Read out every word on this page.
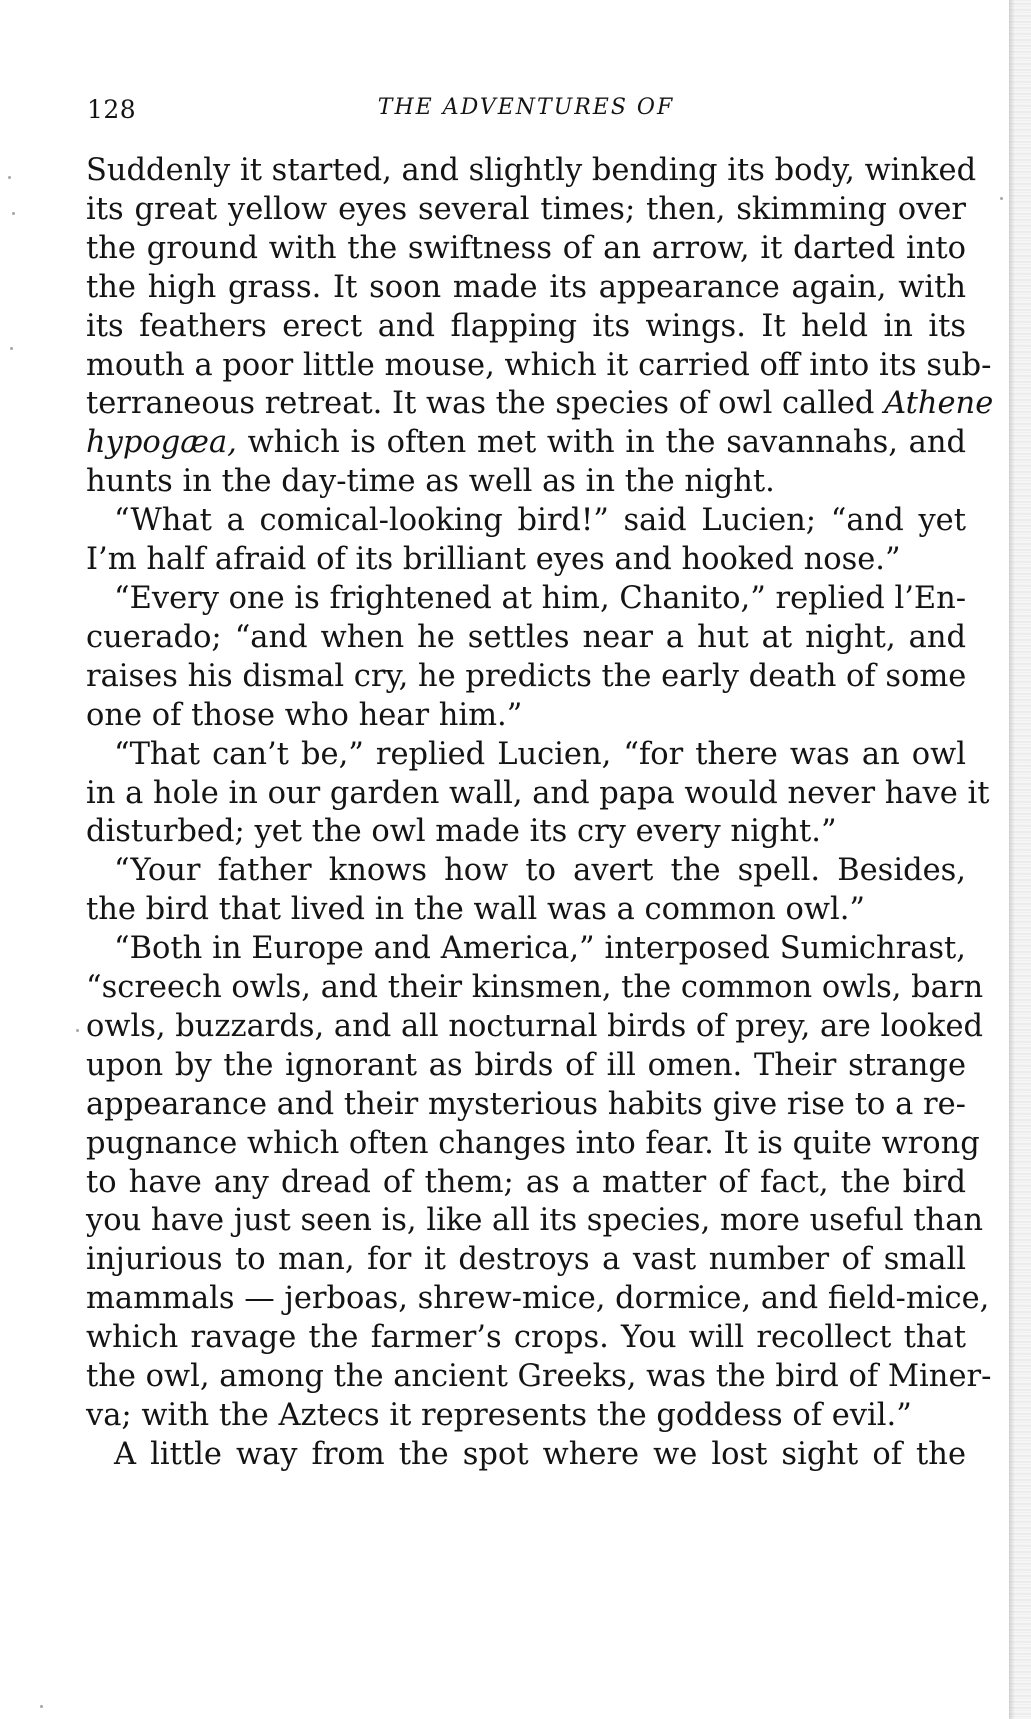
128	THE ADVENTURES OF
Suddenly it started, and slightly bending its body, winked
its great yellow eyes several times; then, skimming over
the ground with the swiftness of an arrow, it darted into
the high grass. It soon made its appearance again, with
its feathers erect and flapping its wings. It held in its
mouth a poor little mouse, which it carried off into its sub-
terraneous retreat. It was the species of owl called Athene
hypogæa, which is often met with in the savannahs, and
hunts in the day-time as well as in the night.
“What a comical-looking bird!” said Lucien; “and yet
I’m half afraid of its brilliant eyes and hooked nose.”
“Every one is frightened at him, Chanito,” replied l’En-
cuerado; “and when he settles near a hut at night, and
raises his dismal cry, he predicts the early death of some
one of those who hear him.”
“That can’t be,” replied Lucien, “for there was an owl
in a hole in our garden wall, and papa would never have it
disturbed; yet the owl made its cry every night.”
“Your father knows how to avert the spell. Besides,
the bird that lived in the wall was a common owl.”
“Both in Europe and America,” interposed Sumichrast,
“screech owls, and their kinsmen, the common owls, barn
owls, buzzards, and all nocturnal birds of prey, are looked
upon by the ignorant as birds of ill omen. Their strange
appearance and their mysterious habits give rise to a re-
pugnance which often changes into fear. It is quite wrong
to have any dread of them; as a matter of fact, the bird
you have just seen is, like all its species, more useful than
injurious to man, for it destroys a vast number of small
mammals — jerboas, shrew-mice, dormice, and field-mice,
which ravage the farmer’s crops. You will recollect that
the owl, among the ancient Greeks, was the bird of Miner-
va; with the Aztecs it represents the goddess of evil.”
A little way from the spot where we lost sight of the
